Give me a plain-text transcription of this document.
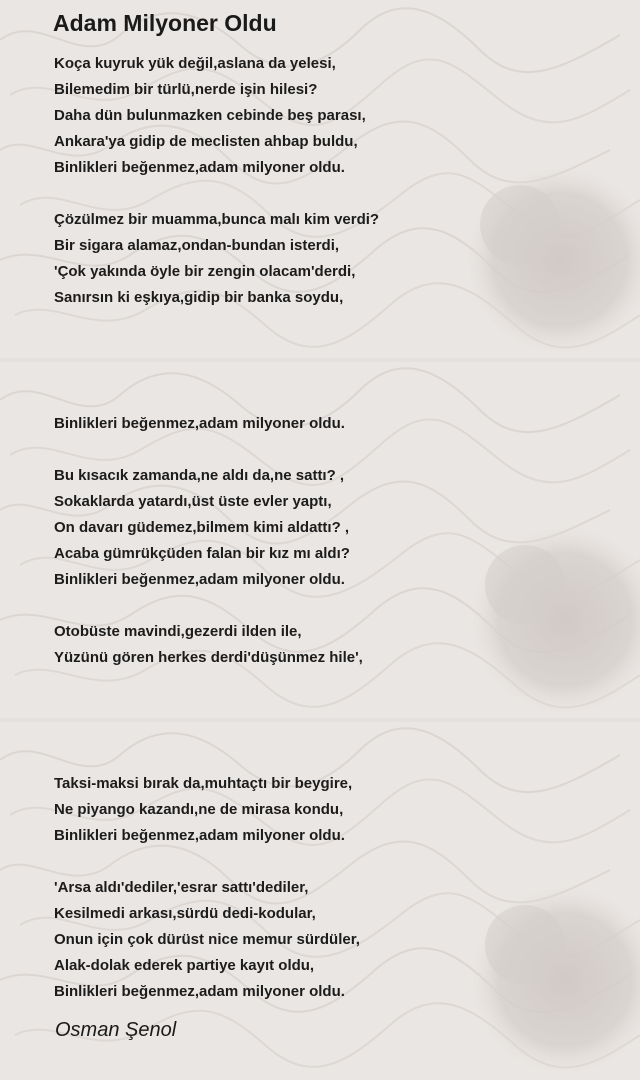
Adam Milyoner Oldu
Koça kuyruk yük değil,aslana da yelesi,
Bilemedim bir türlü,nerde işin hilesi?
Daha dün bulunmazken cebinde beş parası,
Ankara'ya gidip de meclisten ahbap buldu,
Binlikleri beğenmez,adam milyoner oldu.
Çözülmez bir muamma,bunca malı kim verdi?
Bir sigara alamaz,ondan-bundan isterdi,
'Çok yakında öyle bir zengin olacam'derdi,
Sanırsın ki eşkıya,gidip bir banka soydu,
Binlikleri beğenmez,adam milyoner oldu.
Bu kısacık zamanda,ne aldı da,ne sattı? ,
Sokaklarda yatardı,üst üste evler yaptı,
On davarı güdemez,bilmem kimi aldattı? ,
Acaba gümrükçüden falan bir kız mı aldı?
Binlikleri beğenmez,adam milyoner oldu.
Otobüste mavindi,gezerdi ilden ile,
Yüzünü gören herkes derdi'düşünmez hile',
Taksi-maksi bırak da,muhtaçtı bir beygire,
Ne piyango kazandı,ne de mirasa kondu,
Binlikleri beğenmez,adam milyoner oldu.
'Arsa aldı'dediler,'esrar sattı'dediler,
Kesilmedi arkası,sürdü dedi-kodular,
Onun için çok dürüst nice memur sürdüler,
Alak-dolak ederek partiye kayıt oldu,
Binlikleri beğenmez,adam milyoner oldu.
Osman Şenol
